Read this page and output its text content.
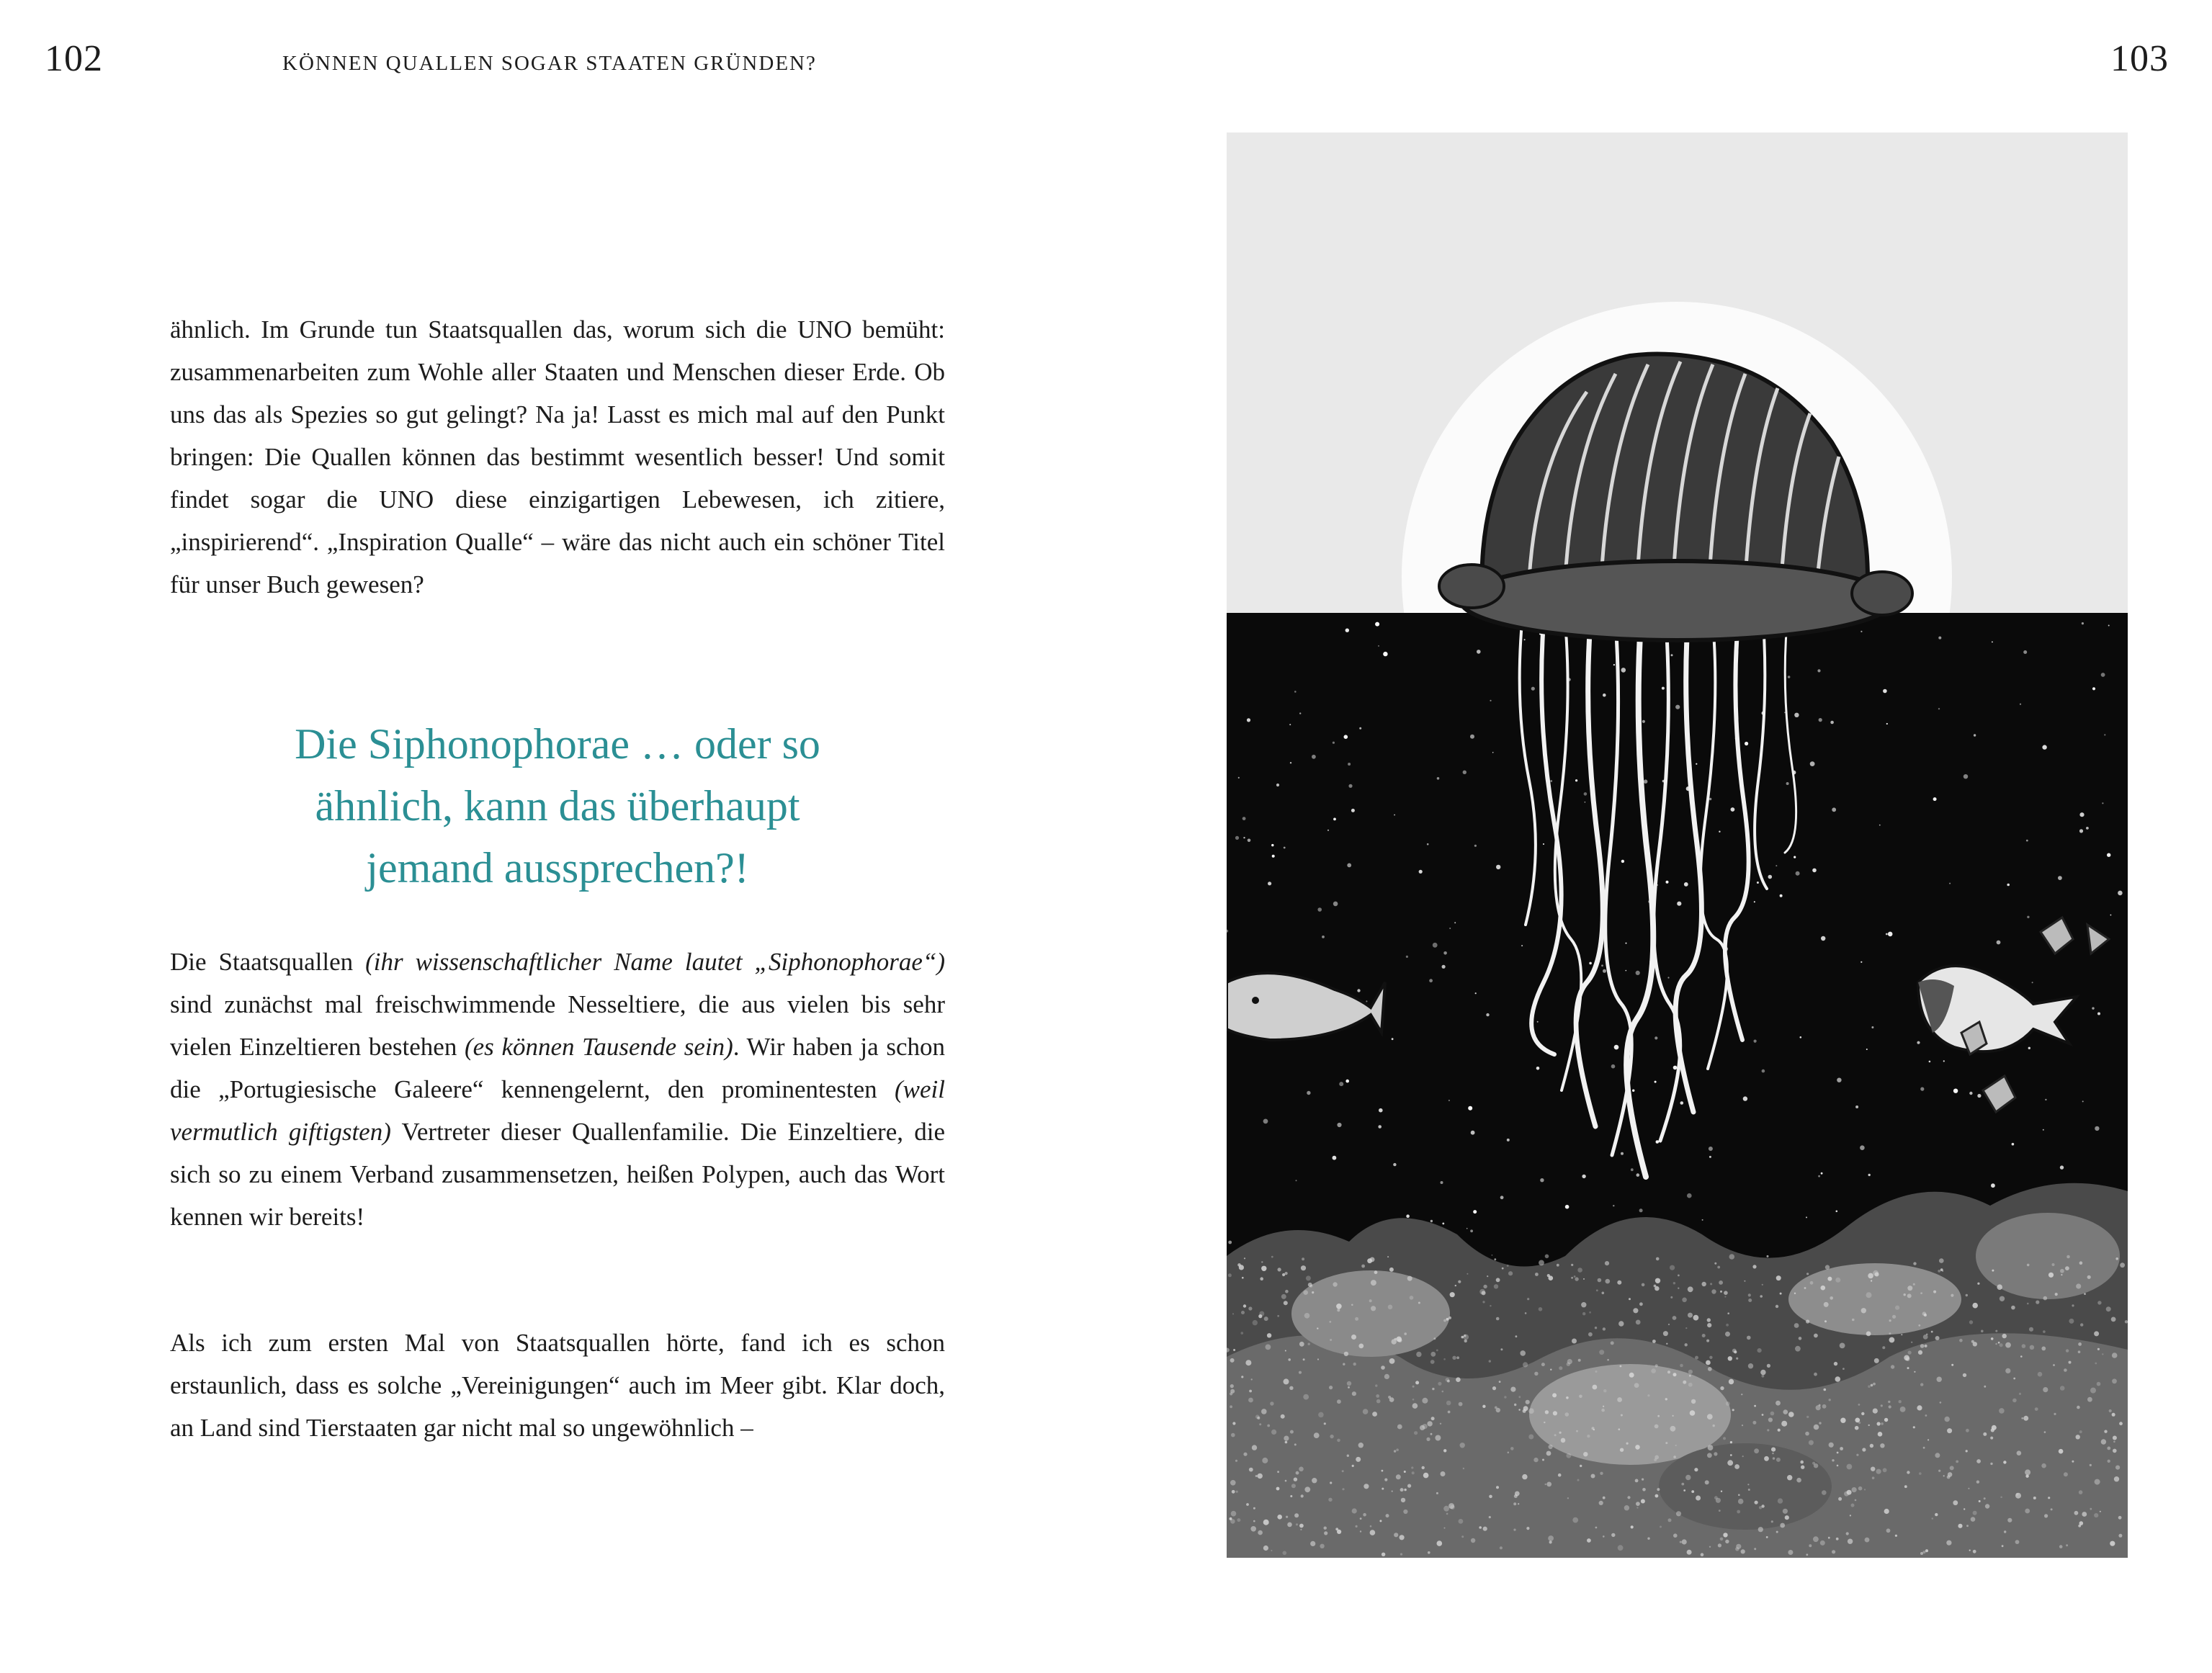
102	KÖNNEN QUALLEN SOGAR STAATEN GRÜNDEN?

ähnlich. Im Grunde tun Staatsquallen das, worum sich die UNO bemüht: zusammenarbeiten zum Wohle aller Staaten und Menschen dieser Erde. Ob uns das als Spezies so gut gelingt? Na ja! Lasst es mich mal auf den Punkt bringen: Die Quallen können das bestimmt wesentlich besser! Und somit findet sogar die UNO diese einzigartigen Lebewesen, ich zitiere, „inspirierend“. „Inspiration Qualle“ – wäre das nicht auch ein schöner Titel für unser Buch gewesen?

Die Siphonophorae … oder so
ähnlich, kann das überhaupt
jemand aussprechen?!

Die Staatsquallen (ihr wissenschaftlicher Name lautet „Siphonophorae“) sind zunächst mal freischwimmende Nesseltiere, die aus vielen bis sehr vielen Einzeltieren bestehen (es können Tausende sein). Wir haben ja schon die „Portugiesische Galeere“ kennengelernt, den prominentesten (weil vermutlich giftigsten) Vertreter dieser Quallenfamilie. Die Einzeltiere, die sich so zu einem Verband zusammensetzen, heißen Polypen, auch das Wort kennen wir bereits!

Als ich zum ersten Mal von Staatsquallen hörte, fand ich es schon erstaunlich, dass es solche „Vereinigungen“ auch im Meer gibt. Klar doch, an Land sind Tierstaaten gar nicht mal so ungewöhnlich –

103
